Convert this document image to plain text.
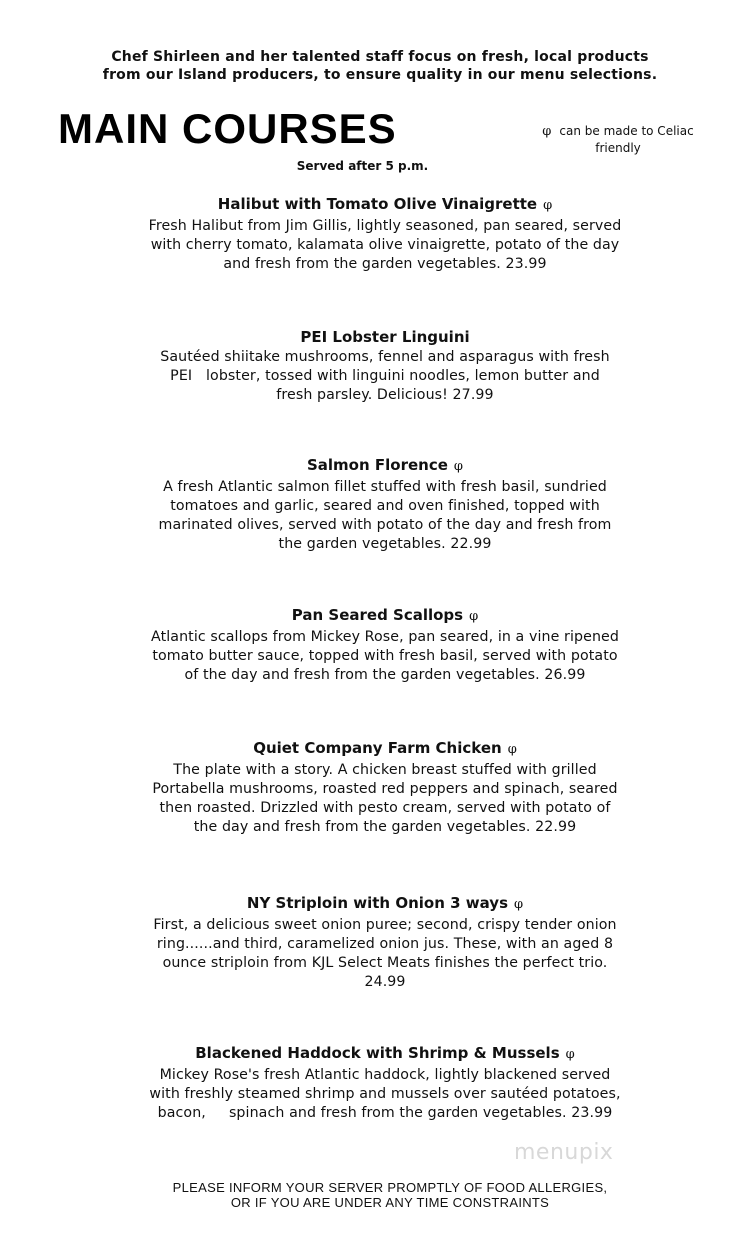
Chef Shirleen and her talented staff focus on fresh, local products
from our Island producers, to ensure quality in our menu selections.
MAIN COURSES	φ can be made to Celiac
friendly
Served after 5 p.m.
Halibut with Tomato Olive Vinaigrette φ
Fresh Halibut from Jim Gillis, lightly seasoned, pan seared, served
with cherry tomato, kalamata olive vinaigrette, potato of the day
and fresh from the garden vegetables. 23.99
PEI Lobster Linguini
Sautéed shiitake mushrooms, fennel and asparagus with fresh
PEI   lobster, tossed with linguini noodles, lemon butter and
fresh parsley. Delicious! 27.99
Salmon Florence φ
A fresh Atlantic salmon fillet stuffed with fresh basil, sundried
tomatoes and garlic, seared and oven finished, topped with
marinated olives, served with potato of the day and fresh from
the garden vegetables. 22.99
Pan Seared Scallops φ
Atlantic scallops from Mickey Rose, pan seared, in a vine ripened
tomato butter sauce, topped with fresh basil, served with potato
of the day and fresh from the garden vegetables. 26.99
Quiet Company Farm Chicken φ
The plate with a story. A chicken breast stuffed with grilled
Portabella mushrooms, roasted red peppers and spinach, seared
then roasted. Drizzled with pesto cream, served with potato of
the day and fresh from the garden vegetables. 22.99
NY Striploin with Onion 3 ways φ
First, a delicious sweet onion puree; second, crispy tender onion
ring......and third, caramelized onion jus. These, with an aged 8
ounce striploin from KJL Select Meats finishes the perfect trio.
24.99
Blackened Haddock with Shrimp & Mussels φ
Mickey Rose's fresh Atlantic haddock, lightly blackened served
with freshly steamed shrimp and mussels over sautéed potatoes,
bacon,     spinach and fresh from the garden vegetables. 23.99
menupix
PLEASE INFORM YOUR SERVER PROMPTLY OF FOOD ALLERGIES,
OR IF YOU ARE UNDER ANY TIME CONSTRAINTS
